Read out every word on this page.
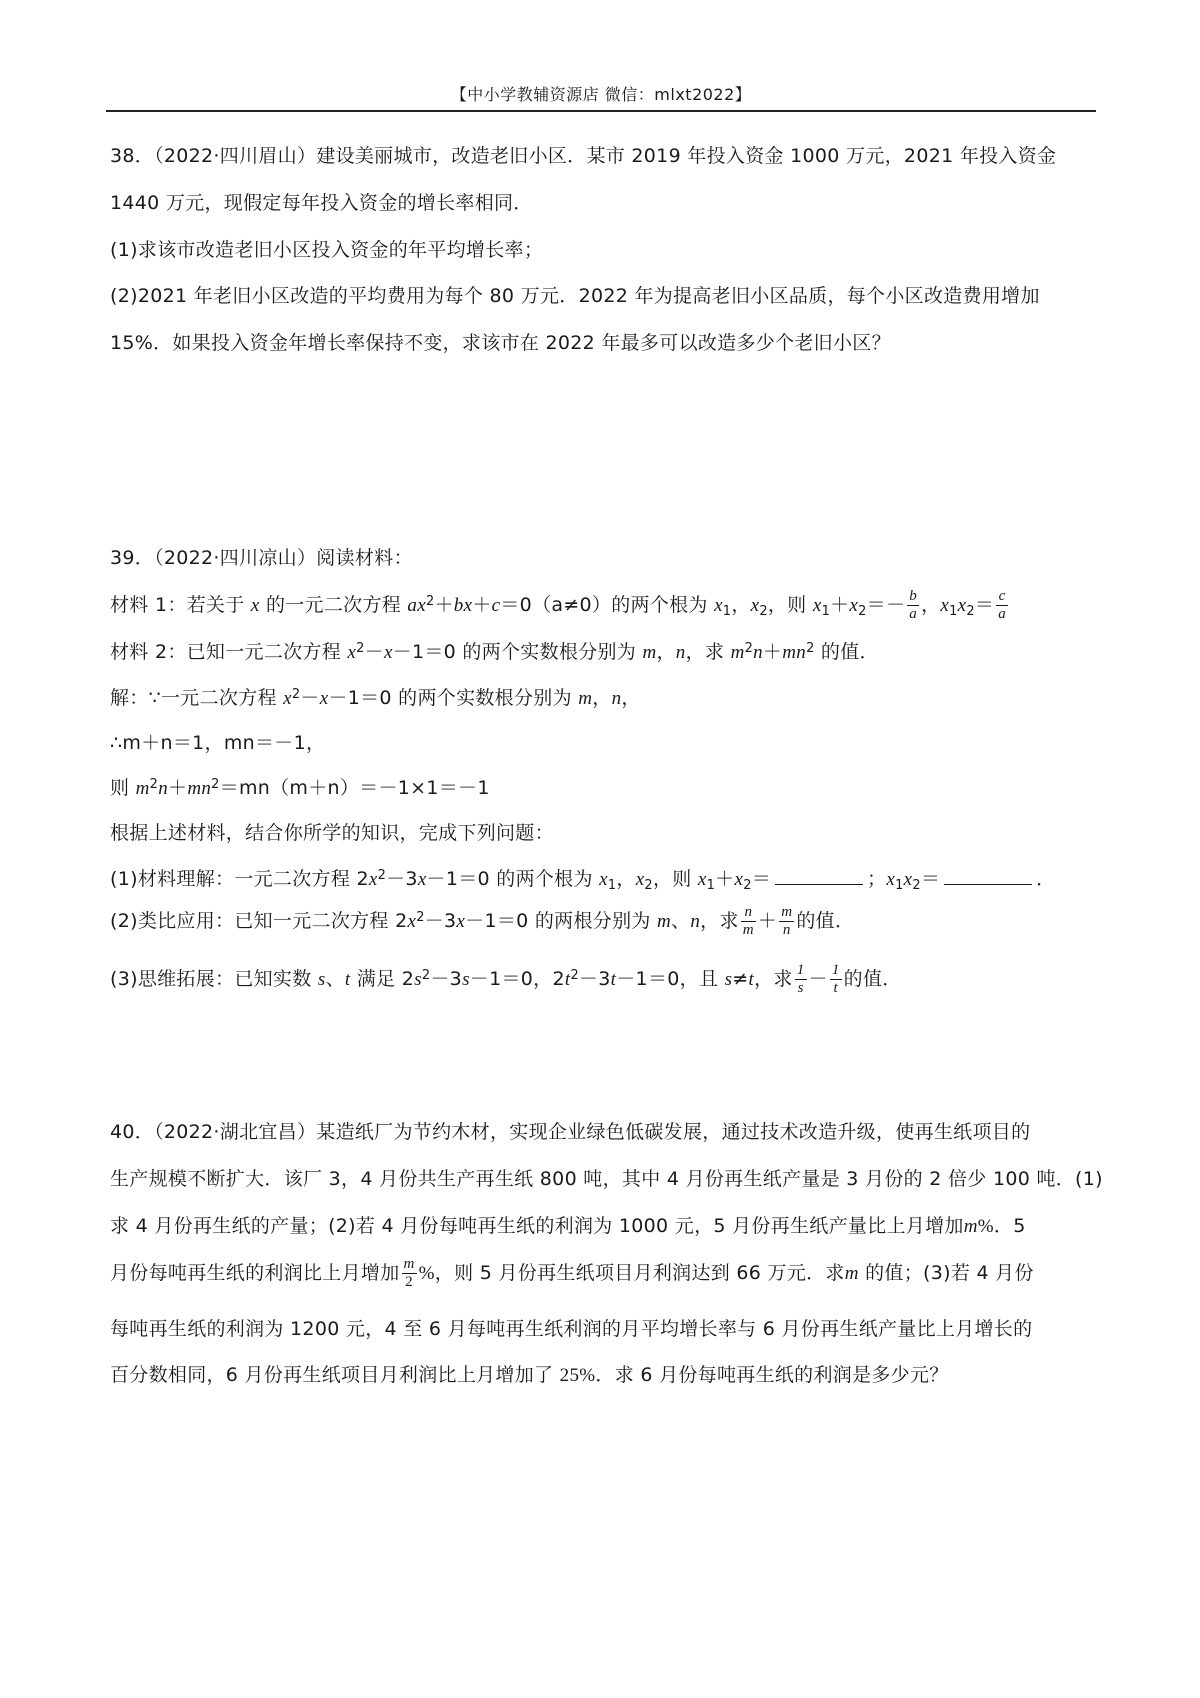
【中小学教辅资源店 微信：mlxt2022】
38．（2022·四川眉山）建设美丽城市，改造老旧小区．某市 2019 年投入资金 1000 万元，2021 年投入资金
1440 万元，现假定每年投入资金的增长率相同．
(1)求该市改造老旧小区投入资金的年平均增长率；
(2)2021 年老旧小区改造的平均费用为每个 80 万元．2022 年为提高老旧小区品质，每个小区改造费用增加
15%．如果投入资金年增长率保持不变，求该市在 2022 年最多可以改造多少个老旧小区？
39．（2022·四川凉山）阅读材料：
材料 1：若关于 x 的一元二次方程 $ax^2+bx+c=0(a\ne 0)$的两个根为 $x_1$，$x_2$，则 $x_1+x_2=- \frac{b}{a}$ ，$x_1x_2= \frac{c}{a}$
材料 2：已知一元二次方程 $x^2-x-1=0$ 的两个实数根分别为 m，n，求 $m^2n+mn^2$ 的值．
解：∵一元二次方程 $x^2-x-1=0$ 的两个实数根分别为 m，n，
∴m＋n＝1，mn＝－1，
则 $m^2n+mn^2=mn(m+n)=-1\times 1=-1$
根据上述材料，结合你所学的知识，完成下列问题：
(1)材料理解：一元二次方程 $2x^2-3x-1=0$ 的两个根为 $x_1$，$x_2$，则 $x_1+x_2=$	；$x_1x_2=$	．
(2)类比应用：已知一元二次方程 $2x^2-3x-1=0$ 的两根分别为 m、n，求 $\frac{n}{m} + \frac{m}{n}$ 的值．
(3)思维拓展：已知实数 s、t 满足 $2s^2-3s-1=0$，$2t^2-3t-1=0$，且 s≠t，求 $\frac{1}{s} - \frac{1}{t}$ 的值．
40．（2022·湖北宜昌）某造纸厂为节约木材，实现企业绿色低碳发展，通过技术改造升级，使再生纸项目的
生产规模不断扩大．该厂 3，4 月份共生产再生纸 800 吨，其中 4 月份再生纸产量是 3 月份的 2 倍少 100 吨．(1)
求 4 月份再生纸的产量；(2)若 4 月份每吨再生纸的利润为 1000 元，5 月份再生纸产量比上月增加m%．5
月份每吨再生纸的利润比上月增加 $\frac{m}{2}$ %，则 5 月份再生纸项目月利润达到 66 万元．求m 的值；(3)若 4 月份
每吨再生纸的利润为 1200 元，4 至 6 月每吨再生纸利润的月平均增长率与 6 月份再生纸产量比上月增长的
百分数相同，6 月份再生纸项目月利润比上月增加了 25%．求 6 月份每吨再生纸的利润是多少元？
